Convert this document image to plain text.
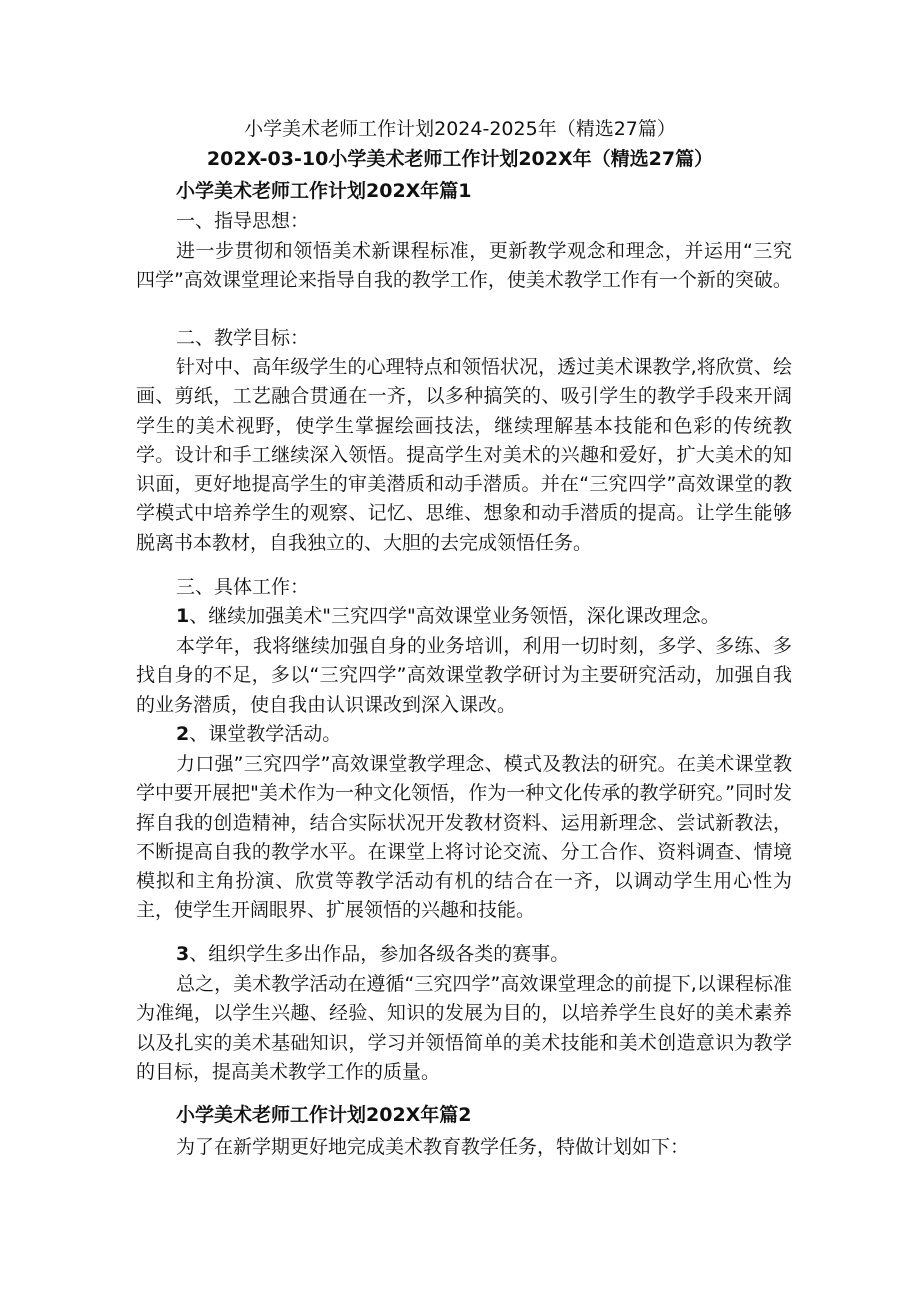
小学美术老师工作计划2024-2025年（精选27篇）
202X-03-10小学美术老师工作计划202X年（精选27篇）
小学美术老师工作计划202X年篇1
一、指导思想：
进一步贯彻和领悟美术新课程标准，更新教学观念和理念，并运用“三究四学”高效课堂理论来指导自我的教学工作，使美术教学工作有一个新的突破。
二、教学目标：
针对中、高年级学生的心理特点和领悟状况，透过美术课教学,将欣赏、绘画、剪纸，工艺融合贯通在一齐，以多种搞笑的、吸引学生的教学手段来开阔学生的美术视野，使学生掌握绘画技法，继续理解基本技能和色彩的传统教学。设计和手工继续深入领悟。提高学生对美术的兴趣和爱好，扩大美术的知识面，更好地提高学生的审美潜质和动手潜质。并在“三究四学”高效课堂的教学模式中培养学生的观察、记忆、思维、想象和动手潜质的提高。让学生能够脱离书本教材，自我独立的、大胆的去完成领悟任务。
三、具体工作：
1、继续加强美术"三究四学"高效课堂业务领悟，深化课改理念。
本学年，我将继续加强自身的业务培训，利用一切时刻，多学、多练、多找自身的不足，多以“三究四学”高效课堂教学研讨为主要研究活动，加强自我的业务潜质，使自我由认识课改到深入课改。
2、课堂教学活动。
力口强”三究四学”高效课堂教学理念、模式及教法的研究。在美术课堂教学中要开展把"美术作为一种文化领悟，作为一种文化传承的教学研究。”同时发挥自我的创造精神，结合实际状况开发教材资料、运用新理念、尝试新教法，不断提高自我的教学水平。在课堂上将讨论交流、分工合作、资料调查、情境模拟和主角扮演、欣赏等教学活动有机的结合在一齐，以调动学生用心性为主，使学生开阔眼界、扩展领悟的兴趣和技能。
3、组织学生多出作品，参加各级各类的赛事。
总之，美术教学活动在遵循“三究四学”高效课堂理念的前提下,以课程标准为准绳，以学生兴趣、经验、知识的发展为目的，以培养学生良好的美术素养以及扎实的美术基础知识，学习并领悟简单的美术技能和美术创造意识为教学的目标，提高美术教学工作的质量。
小学美术老师工作计划202X年篇2
为了在新学期更好地完成美术教育教学任务，特做计划如下：
